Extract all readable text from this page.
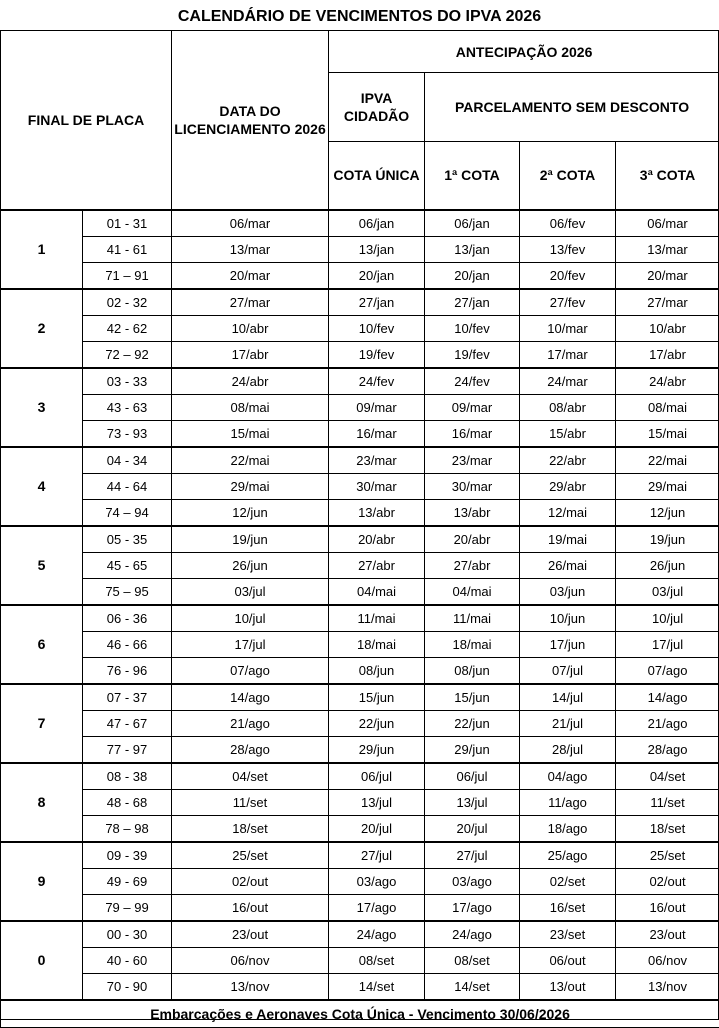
CALENDÁRIO DE VENCIMENTOS DO IPVA 2026
FINAL DE PLACA		DATA DO LICENCIAMENTO 2026	ANTECIPAÇÃO 2026			
			IPVA CIDADÃO	PARCELAMENTO SEM DESCONTO		
			COTA ÚNICA	1ª COTA	2ª COTA	3ª COTA
1	01 - 31	06/mar	06/jan	06/jan	06/fev	06/mar
	41 - 61	13/mar	13/jan	13/jan	13/fev	13/mar
	71 – 91	20/mar	20/jan	20/jan	20/fev	20/mar
2	02 - 32	27/mar	27/jan	27/jan	27/fev	27/mar
	42 - 62	10/abr	10/fev	10/fev	10/mar	10/abr
	72 – 92	17/abr	19/fev	19/fev	17/mar	17/abr
3	03 - 33	24/abr	24/fev	24/fev	24/mar	24/abr
	43 - 63	08/mai	09/mar	09/mar	08/abr	08/mai
	73 - 93	15/mai	16/mar	16/mar	15/abr	15/mai
4	04 - 34	22/mai	23/mar	23/mar	22/abr	22/mai
	44 - 64	29/mai	30/mar	30/mar	29/abr	29/mai
	74 – 94	12/jun	13/abr	13/abr	12/mai	12/jun
5	05 - 35	19/jun	20/abr	20/abr	19/mai	19/jun
	45 - 65	26/jun	27/abr	27/abr	26/mai	26/jun
	75 – 95	03/jul	04/mai	04/mai	03/jun	03/jul
6	06 - 36	10/jul	11/mai	11/mai	10/jun	10/jul
	46 - 66	17/jul	18/mai	18/mai	17/jun	17/jul
	76 - 96	07/ago	08/jun	08/jun	07/jul	07/ago
7	07 - 37	14/ago	15/jun	15/jun	14/jul	14/ago
	47 - 67	21/ago	22/jun	22/jun	21/jul	21/ago
	77 - 97	28/ago	29/jun	29/jun	28/jul	28/ago
8	08 - 38	04/set	06/jul	06/jul	04/ago	04/set
	48 - 68	11/set	13/jul	13/jul	11/ago	11/set
	78 – 98	18/set	20/jul	20/jul	18/ago	18/set
9	09 - 39	25/set	27/jul	27/jul	25/ago	25/set
	49 - 69	02/out	03/ago	03/ago	02/set	02/out
	79 – 99	16/out	17/ago	17/ago	16/set	16/out
0	00 - 30	23/out	24/ago	24/ago	23/set	23/out
	40 - 60	06/nov	08/set	08/set	06/out	06/nov
	70 - 90	13/nov	14/set	14/set	13/out	13/nov
Embarcações e Aeronaves Cota Única - Vencimento 30/06/2026						
